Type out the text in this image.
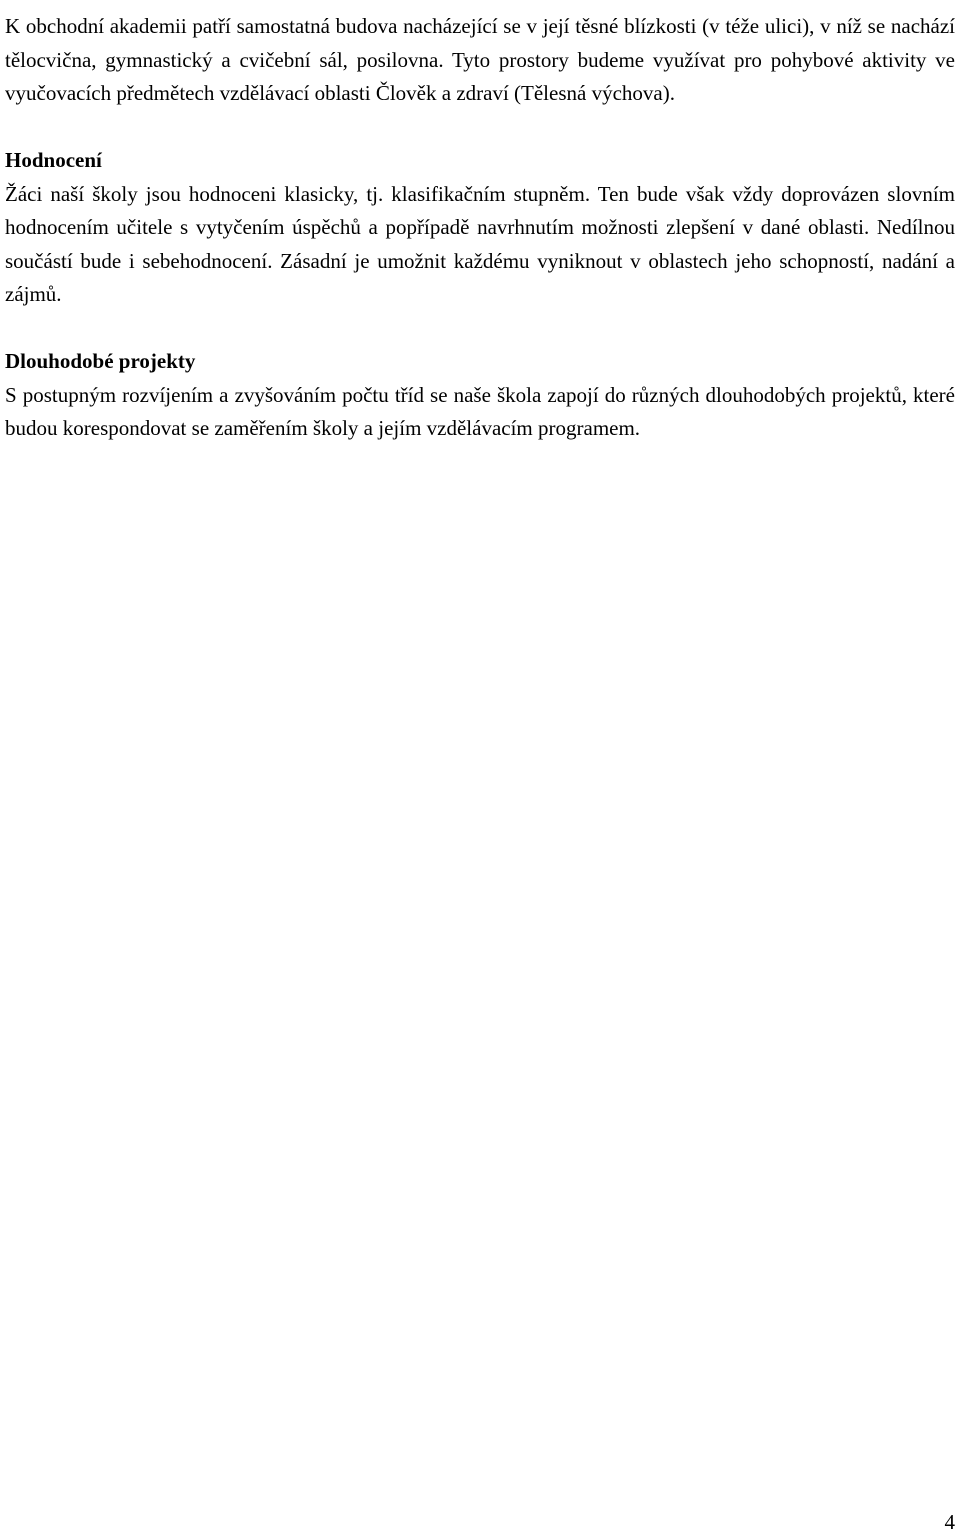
K obchodní akademii patří samostatná budova nacházející se v její těsné blízkosti (v téže ulici), v níž se nachází tělocvična, gymnastický a cvičební sál, posilovna. Tyto prostory budeme využívat pro pohybové aktivity ve vyučovacích předmětech vzdělávací oblasti Člověk a zdraví (Tělesná výchova).

Hodnocení

Žáci naší školy jsou hodnoceni klasicky, tj. klasifikačním stupněm. Ten bude však vždy doprovázen slovním hodnocením učitele s vytyčením úspěchů a popřípadě navrhnutím možnosti zlepšení v dané oblasti. Nedílnou součástí bude i sebehodnocení. Zásadní je umožnit každému vyniknout v oblastech jeho schopností, nadání a zájmů.

Dlouhodobé projekty

S postupným rozvíjením a zvyšováním počtu tříd se naše škola zapojí do různých dlouhodobých projektů, které budou korespondovat se zaměřením školy a jejím vzdělávacím programem.

4
